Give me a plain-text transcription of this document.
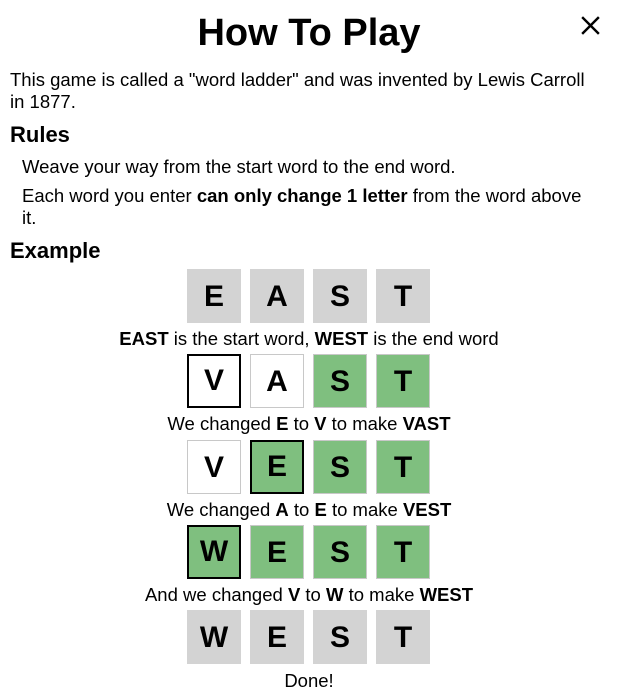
How To Play

This game is called a "word ladder" and was invented by Lewis Carroll in 1877.

Rules

Weave your way from the start word to the end word.

Each word you enter can only change 1 letter from the word above it.

Example
E	A	S	T

EAST is the start word, WEST is the end word

V	A	S	T

We changed E to V to make VAST

V	E	S	T

We changed A to E to make VEST

W	E	S	T

And we changed V to W to make WEST

W	E	S	T

Done!
